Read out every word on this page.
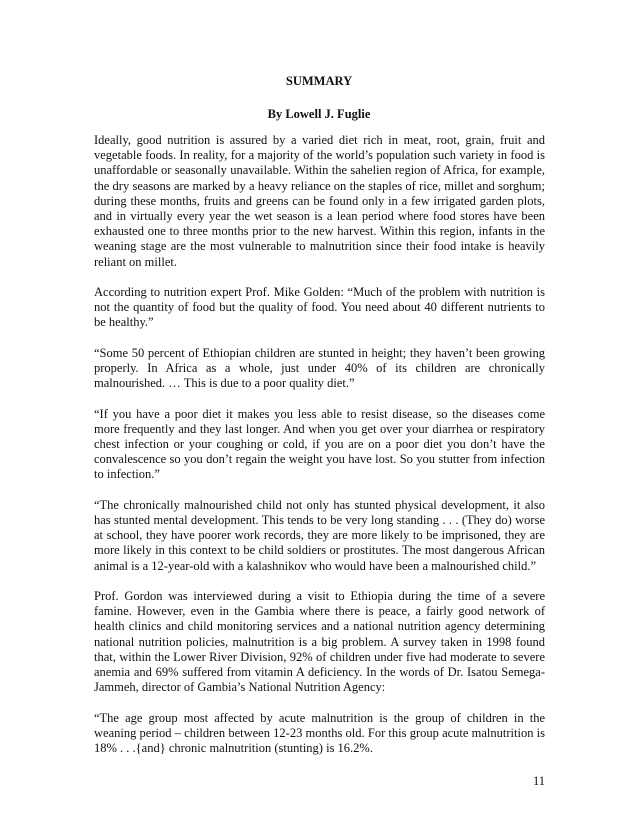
SUMMARY
By Lowell J. Fuglie

Ideally, good nutrition is assured by a varied diet rich in meat, root, grain, fruit and vegetable foods. In reality, for a majority of the world’s population such variety in food is unaffordable or seasonally unavailable. Within the sahelien region of Africa, for example, the dry seasons are marked by a heavy reliance on the staples of rice, millet and sorghum; during these months, fruits and greens can be found only in a few irrigated garden plots, and in virtually every year the wet season is a lean period where food stores have been exhausted one to three months prior to the new harvest. Within this region, infants in the weaning stage are the most vulnerable to malnutrition since their food intake is heavily reliant on millet.

According to nutrition expert Prof. Mike Golden: “Much of the problem with nutrition is not the quantity of food but the quality of food. You need about 40 different nutrients to be healthy.”

“Some 50 percent of Ethiopian children are stunted in height; they haven’t been growing properly. In Africa as a whole, just under 40% of its children are chronically malnourished. … This is due to a poor quality diet.”

“If you have a poor diet it makes you less able to resist disease, so the diseases come more frequently and they last longer. And when you get over your diarrhea or respiratory chest infection or your coughing or cold, if you are on a poor diet you don’t have the convalescence so you don’t regain the weight you have lost. So you stutter from infection to infection.”

“The chronically malnourished child not only has stunted physical development, it also has stunted mental development. This tends to be very long standing . . . (They do) worse at school, they have poorer work records, they are more likely to be imprisoned, they are more likely in this context to be child soldiers or prostitutes. The most dangerous African animal is a 12-year-old with a kalashnikov who would have been a malnourished child.”

Prof. Gordon was interviewed during a visit to Ethiopia during the time of a severe famine. However, even in the Gambia where there is peace, a fairly good network of health clinics and child monitoring services and a national nutrition agency determining national nutrition policies, malnutrition is a big problem. A survey taken in 1998 found that, within the Lower River Division, 92% of children under five had moderate to severe anemia and 69% suffered from vitamin A deficiency. In the words of Dr. Isatou Semega-Jammeh, director of Gambia’s National Nutrition Agency:

“The age group most affected by acute malnutrition is the group of children in the weaning period – children between 12-23 months old. For this group acute malnutrition is 18% . . .{and} chronic malnutrition (stunting) is 16.2%.

11
